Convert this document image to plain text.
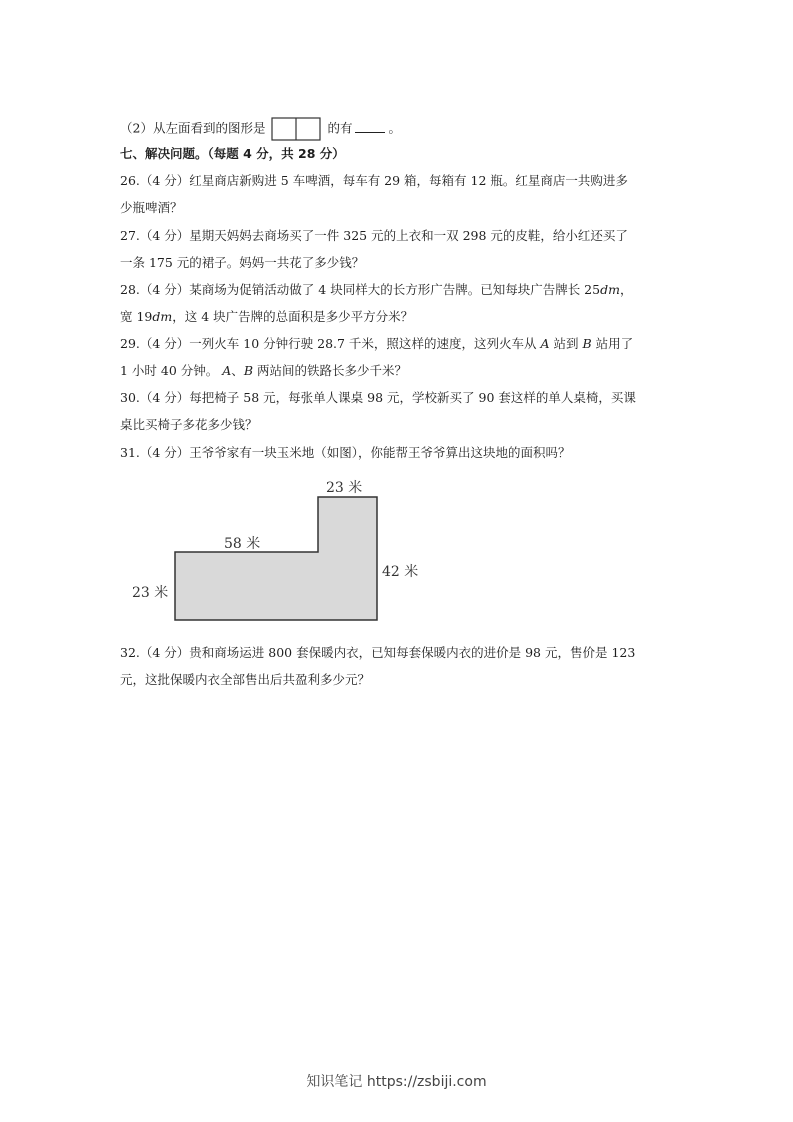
（2）从左面看到的图形是	的有	。
七、解决问题。（每题 4 分，共 28 分）
26.（4 分）红星商店新购进 5 车啤酒，每车有 29 箱，每箱有 12 瓶。红星商店一共购进多
少瓶啤酒？
27.（4 分）星期天妈妈去商场买了一件 325 元的上衣和一双 298 元的皮鞋，给小红还买了
一条 175 元的裙子。妈妈一共花了多少钱？
28.（4 分）某商场为促销活动做了 4 块同样大的长方形广告牌。已知每块广告牌长 25dm，
宽 19dm，这 4 块广告牌的总面积是多少平方分米？
29.（4 分）一列火车 10 分钟行驶 28.7 千米，照这样的速度，这列火车从 A 站到 B 站用了
1 小时 40 分钟。 A、B 两站间的铁路长多少千米？
30.（4 分）每把椅子 58 元，每张单人课桌 98 元，学校新买了 90 套这样的单人桌椅，买课
桌比买椅子多花多少钱？
31.（4 分）王爷爷家有一块玉米地（如图），你能帮王爷爷算出这块地的面积吗？
23 米
58 米
42 米
23 米
32.（4 分）贵和商场运进 800 套保暖内衣，已知每套保暖内衣的进价是 98 元，售价是 123
元，这批保暖内衣全部售出后共盈利多少元？
知识笔记 https://zsbiji.com
